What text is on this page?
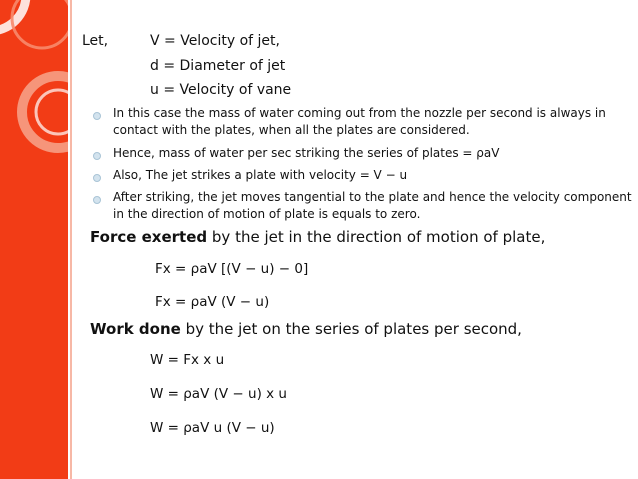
Let,	V = Velocity of jet,
d = Diameter of jet
u = Velocity of vane
In this case the mass of water coming out from the nozzle per second is always in
contact with the plates, when all the plates are considered.
Hence, mass of water per sec striking the series of plates = ρaV
Also, The jet strikes a plate with velocity = V − u
After striking, the jet moves tangential to the plate and hence the velocity component
in the direction of motion of plate is equals to zero.
Force exerted by the jet in the direction of motion of plate,
Fx = ρaV [(V − u) − 0]
Fx = ρaV (V − u)
Work done by the jet on the series of plates per second,
W = Fx x u
W = ρaV (V − u) x u
W = ρaV u (V − u)
